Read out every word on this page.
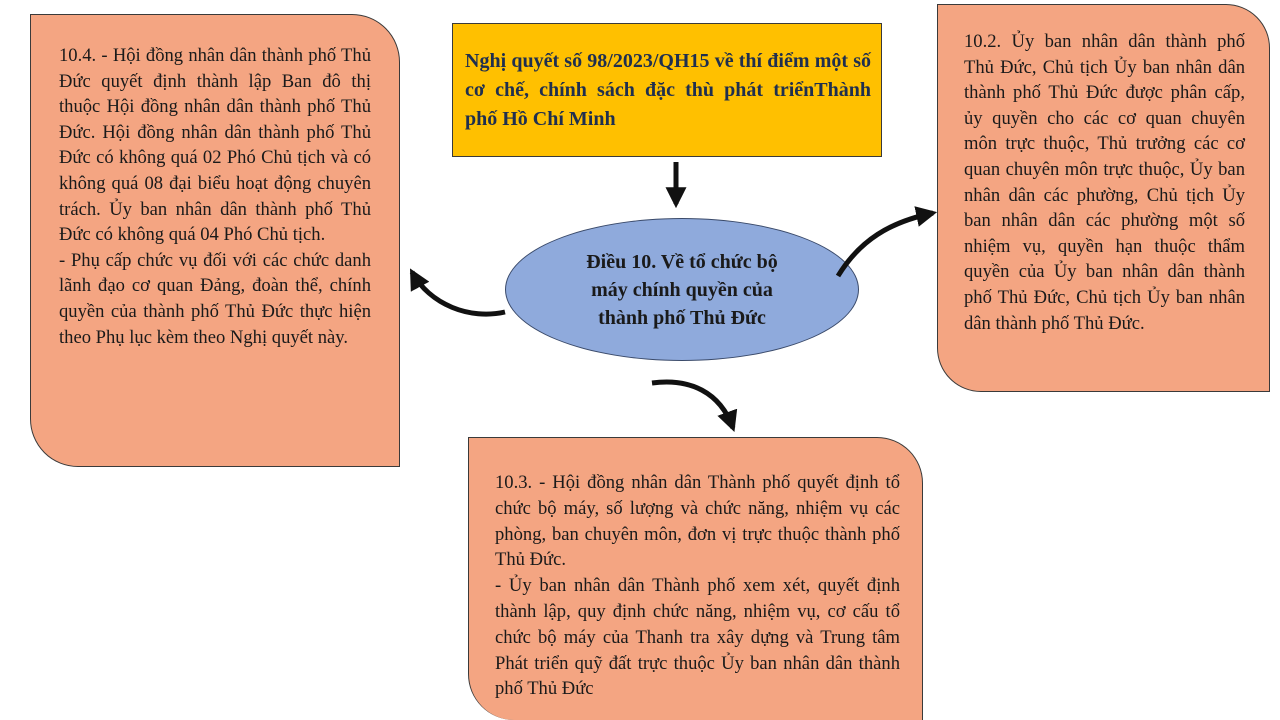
10.4. - Hội đồng nhân dân thành phố Thủ Đức quyết định thành lập Ban đô thị thuộc Hội đồng nhân dân thành phố Thủ Đức. Hội đồng nhân dân thành phố Thủ Đức có không quá 02 Phó Chủ tịch và có không quá 08 đại biểu hoạt động chuyên trách. Ủy ban nhân dân thành phố Thủ Đức có không quá 04 Phó Chủ tịch.

- Phụ cấp chức vụ đối với các chức danh lãnh đạo cơ quan Đảng, đoàn thể, chính quyền của thành phố Thủ Đức thực hiện theo Phụ lục kèm theo Nghị quyết này.

Nghị quyết số 98/2023/QH15 về thí điểm một số cơ chế, chính sách đặc thù phát triểnThành phố Hồ Chí Minh

10.2. Ủy ban nhân dân thành phố Thủ Đức, Chủ tịch Ủy ban nhân dân thành phố Thủ Đức được phân cấp, ủy quyền cho các cơ quan chuyên môn trực thuộc, Thủ trưởng các cơ quan chuyên môn trực thuộc, Ủy ban nhân dân các phường, Chủ tịch Ủy ban nhân dân các phường một số nhiệm vụ, quyền hạn thuộc thẩm quyền của Ủy ban nhân dân thành phố Thủ Đức, Chủ tịch Ủy ban nhân dân thành phố Thủ Đức.

Điều 10. Về tổ chức bộ máy chính quyền của thành phố Thủ Đức

10.3. - Hội đồng nhân dân Thành phố quyết định tổ chức bộ máy, số lượng và chức năng, nhiệm vụ các phòng, ban chuyên môn, đơn vị trực thuộc thành phố Thủ Đức.

- Ủy ban nhân dân Thành phố xem xét, quyết định thành lập, quy định chức năng, nhiệm vụ, cơ cấu tổ chức bộ máy của Thanh tra xây dựng và Trung tâm Phát triển quỹ đất trực thuộc Ủy ban nhân dân thành phố Thủ Đức
